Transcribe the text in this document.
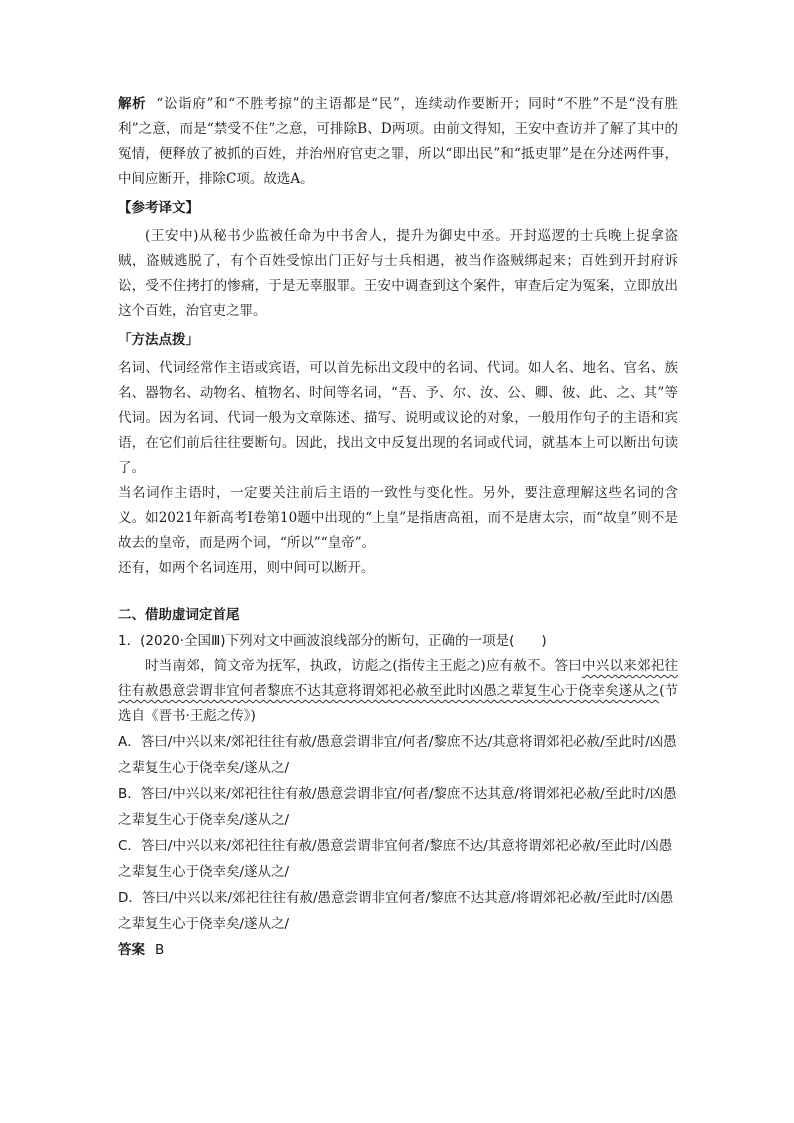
解析 “讼诣府”和“不胜考掠”的主语都是“民”，连续动作要断开；同时“不胜”不是“没有胜利”之意，而是“禁受不住”之意，可排除B、D两项。由前文得知，王安中查访并了解了其中的冤情，便释放了被抓的百姓，并治州府官吏之罪，所以“即出民”和“抵吏罪”是在分述两件事，中间应断开，排除C项。故选A。

【参考译文】

(王安中)从秘书少监被任命为中书舍人，提升为御史中丞。开封巡逻的士兵晚上捉拿盗贼，盗贼逃脱了，有个百姓受惊出门正好与士兵相遇，被当作盗贼绑起来；百姓到开封府诉讼，受不住拷打的惨痛，于是无辜服罪。王安中调查到这个案件，审查后定为冤案，立即放出这个百姓，治官吏之罪。

「方法点拨」

名词、代词经常作主语或宾语，可以首先标出文段中的名词、代词。如人名、地名、官名、族名、器物名、动物名、植物名、时间等名词，“吾、予、尔、汝、公、卿、彼、此、之、其”等代词。因为名词、代词一般为文章陈述、描写、说明或议论的对象，一般用作句子的主语和宾语，在它们前后往往要断句。因此，找出文中反复出现的名词或代词，就基本上可以断出句读了。

当名词作主语时，一定要关注前后主语的一致性与变化性。另外，要注意理解这些名词的含义。如2021年新高考Ⅰ卷第10题中出现的“上皇”是指唐高祖，而不是唐太宗，而“故皇”则不是故去的皇帝，而是两个词，“所以”“皇帝”。

还有，如两个名词连用，则中间可以断开。

二、借助虚词定首尾

1．(2020·全国Ⅲ)下列对文中画波浪线部分的断句，正确的一项是(　　)

时当南郊，简文帝为抚军，执政，访彪之(指传主王彪之)应有赦不。答曰中兴以来郊祀往往有赦愚意尝谓非宜何者黎庶不达其意将谓郊祀必赦至此时凶愚之辈复生心于侥幸矣遂从之(节选自《晋书·王彪之传》)

A．答曰/中兴以来/郊祀往往有赦/愚意尝谓非宜/何者/黎庶不达/其意将谓郊祀必赦/至此时/凶愚之辈复生心于侥幸矣/遂从之/

B．答曰/中兴以来/郊祀往往有赦/愚意尝谓非宜/何者/黎庶不达其意/将谓郊祀必赦/至此时/凶愚之辈复生心于侥幸矣/遂从之/

C．答曰/中兴以来/郊祀往往有赦/愚意尝谓非宜何者/黎庶不达/其意将谓郊祀必赦/至此时/凶愚之辈复生心于侥幸矣/遂从之/

D．答曰/中兴以来/郊祀往往有赦/愚意尝谓非宜何者/黎庶不达其意/将谓郊祀必赦/至此时/凶愚之辈复生心于侥幸矣/遂从之/

答案 B
